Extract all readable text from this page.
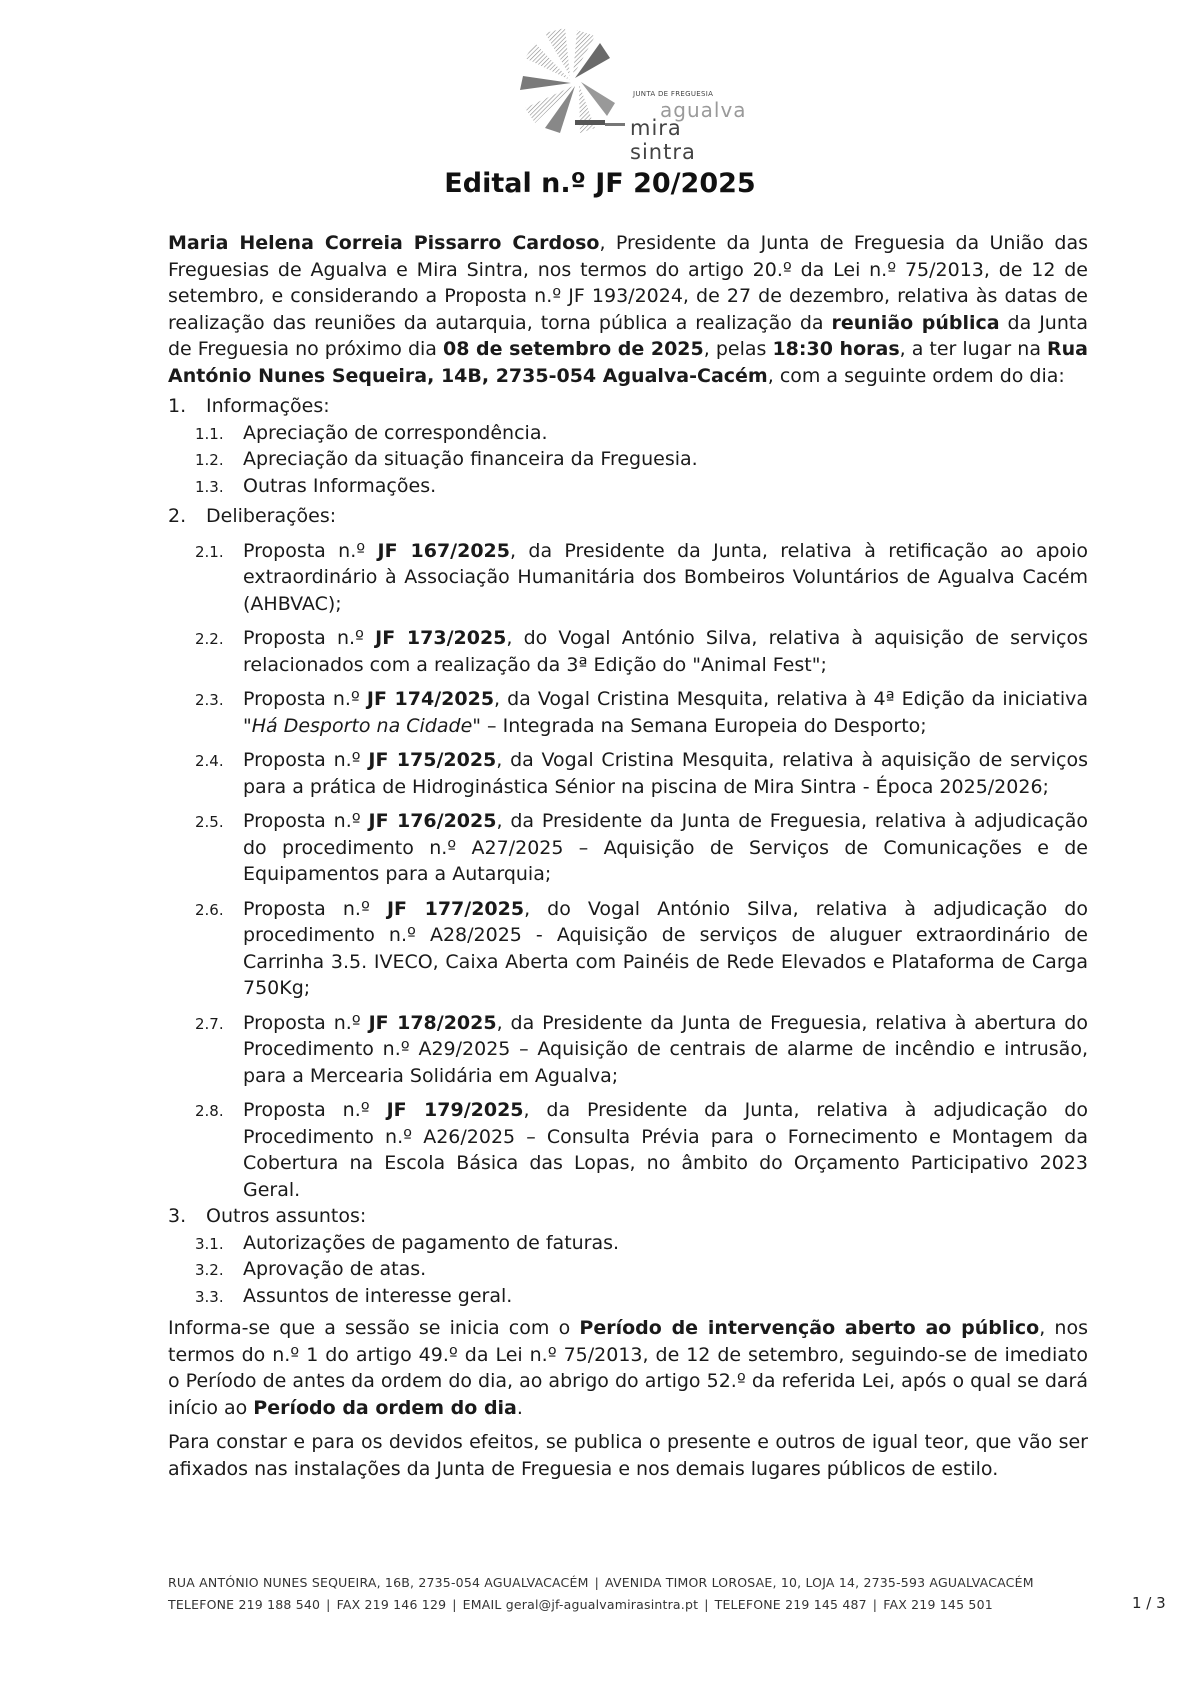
JUNTA DE FREGUESIA
agualva
mira sintra
Edital n.º JF 20/2025

Maria Helena Correia Pissarro Cardoso, Presidente da Junta de Freguesia da União das Freguesias de Agualva e Mira Sintra, nos termos do artigo 20.º da Lei n.º 75/2013, de 12 de setembro, e considerando a Proposta n.º JF 193/2024, de 27 de dezembro, relativa às datas de realização das reuniões da autarquia, torna pública a realização da reunião pública da Junta de Freguesia no próximo dia 08 de setembro de 2025, pelas 18:30 horas, a ter lugar na Rua António Nunes Sequeira, 14B, 2735-054 Agualva-Cacém, com a seguinte ordem do dia:

1. Informações:
1.1. Apreciação de correspondência.
1.2. Apreciação da situação financeira da Freguesia.
1.3. Outras Informações.
2. Deliberações:
2.1. Proposta n.º JF 167/2025, da Presidente da Junta, relativa à retificação ao apoio extraordinário à Associação Humanitária dos Bombeiros Voluntários de Agualva Cacém (AHBVAC);
2.2. Proposta n.º JF 173/2025, do Vogal António Silva, relativa à aquisição de serviços relacionados com a realização da 3ª Edição do "Animal Fest";
2.3. Proposta n.º JF 174/2025, da Vogal Cristina Mesquita, relativa à 4ª Edição da iniciativa "Há Desporto na Cidade" – Integrada na Semana Europeia do Desporto;
2.4. Proposta n.º JF 175/2025, da Vogal Cristina Mesquita, relativa à aquisição de serviços para a prática de Hidroginástica Sénior na piscina de Mira Sintra - Época 2025/2026;
2.5. Proposta n.º JF 176/2025, da Presidente da Junta de Freguesia, relativa à adjudicação do procedimento n.º A27/2025 – Aquisição de Serviços de Comunicações e de Equipamentos para a Autarquia;
2.6. Proposta n.º JF 177/2025, do Vogal António Silva, relativa à adjudicação do procedimento n.º A28/2025 - Aquisição de serviços de aluguer extraordinário de Carrinha 3.5. IVECO, Caixa Aberta com Painéis de Rede Elevados e Plataforma de Carga 750Kg;
2.7. Proposta n.º JF 178/2025, da Presidente da Junta de Freguesia, relativa à abertura do Procedimento n.º A29/2025 – Aquisição de centrais de alarme de incêndio e intrusão, para a Mercearia Solidária em Agualva;
2.8. Proposta n.º JF 179/2025, da Presidente da Junta, relativa à adjudicação do Procedimento n.º A26/2025 – Consulta Prévia para o Fornecimento e Montagem da Cobertura na Escola Básica das Lopas, no âmbito do Orçamento Participativo 2023 Geral.
3. Outros assuntos:
3.1. Autorizações de pagamento de faturas.
3.2. Aprovação de atas.
3.3. Assuntos de interesse geral.

Informa-se que a sessão se inicia com o Período de intervenção aberto ao público, nos termos do n.º 1 do artigo 49.º da Lei n.º 75/2013, de 12 de setembro, seguindo-se de imediato o Período de antes da ordem do dia, ao abrigo do artigo 52.º da referida Lei, após o qual se dará início ao Período da ordem do dia.

Para constar e para os devidos efeitos, se publica o presente e outros de igual teor, que vão ser afixados nas instalações da Junta de Freguesia e nos demais lugares públicos de estilo.

RUA ANTÓNIO NUNES SEQUEIRA, 16B, 2735-054 AGUALVACACÉM | AVENIDA TIMOR LOROSAE, 10, LOJA 14, 2735-593 AGUALVACACÉM
TELEFONE 219 188 540 | FAX 219 146 129 | EMAIL geral@jf-agualvamirasintra.pt | TELEFONE 219 145 487 | FAX 219 145 501	1 / 3
